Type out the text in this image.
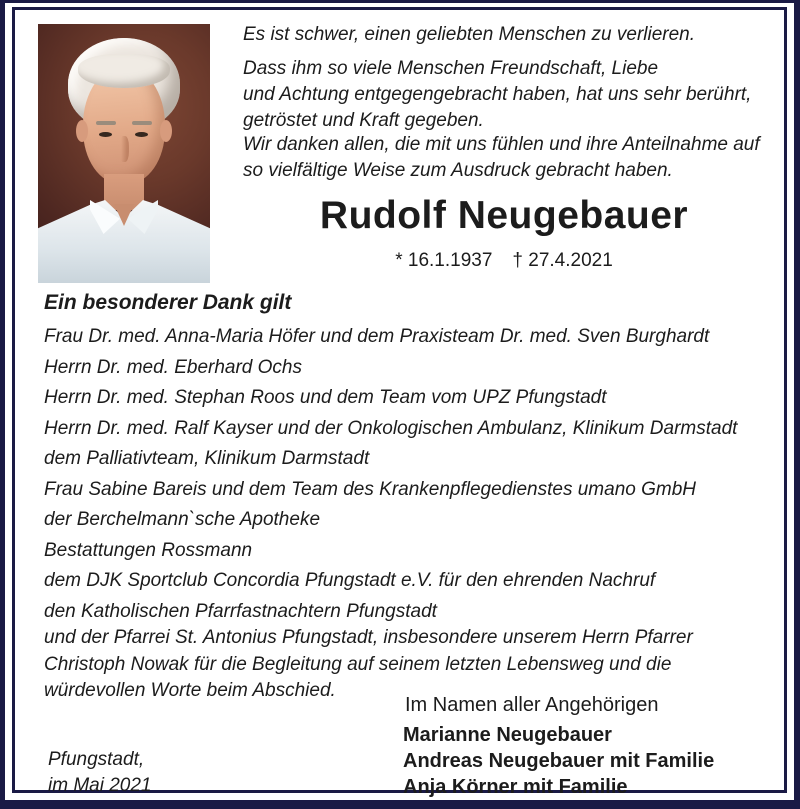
Es ist schwer, einen geliebten Menschen zu verlieren.
Dass ihm so viele Menschen Freundschaft, Liebe
und Achtung entgegengebracht haben, hat uns sehr berührt,
getröstet und Kraft gegeben.
Wir danken allen, die mit uns fühlen und ihre Anteilnahme auf
so vielfältige Weise zum Ausdruck gebracht haben.
Rudolf Neugebauer
* 16.1.1937 † 27.4.2021
Ein besonderer Dank gilt
Frau Dr. med. Anna-Maria Höfer und dem Praxisteam Dr. med. Sven Burghardt
Herrn Dr. med. Eberhard Ochs
Herrn Dr. med. Stephan Roos und dem Team vom UPZ Pfungstadt
Herrn Dr. med. Ralf Kayser und der Onkologischen Ambulanz, Klinikum Darmstadt
dem Palliativteam, Klinikum Darmstadt
Frau Sabine Bareis und dem Team des Krankenpflegedienstes umano GmbH
der Berchelmann`sche Apotheke
Bestattungen Rossmann
dem DJK Sportclub Concordia Pfungstadt e.V. für den ehrenden Nachruf
den Katholischen Pfarrfastnachtern Pfungstadt
und der Pfarrei St. Antonius Pfungstadt, insbesondere unserem Herrn Pfarrer
Christoph Nowak für die Begleitung auf seinem letzten Lebensweg und die
würdevollen Worte beim Abschied.
Im Namen aller Angehörigen
Marianne Neugebauer
Andreas Neugebauer mit Familie
Anja Körner mit Familie
Pfungstadt,
im Mai 2021
